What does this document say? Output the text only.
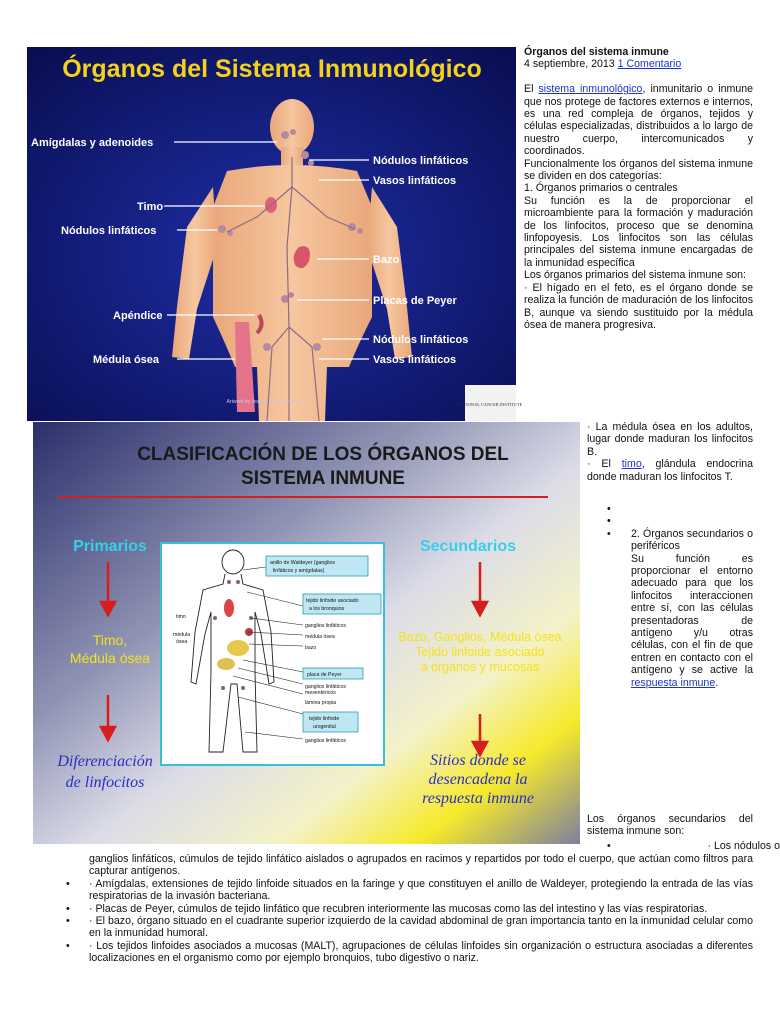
Órganos del Sistema Inmunológico
Amígdalas y adenoides
Timo
Nódulos linfáticos
Apéndice
Médula ósea
Nódulos linfáticos
Vasos linfáticos
Bazo
Placas de Peyer
Nódulos linfáticos
Vasos linfáticos
Artwork by Jeanne Kelly, ©2004	NATIONAL CANCER INSTITUTE
CLASIFICACIÓN DE LOS ÓRGANOS DEL
SISTEMA INMUNE
Primarios
Timo,
Médula ósea
Diferenciación
de linfocitos
anillo de Waldeyer (ganglios
linfáticos y amígdalas)
tejido linfoide asociado
a los bronquios
ganglios linfáticos
médula ósea
bazo
placa de Peyer
ganglios linfáticos
mesentéricos
lámina propia
tejido linfoide
urogenital
ganglios linfáticos
timo
médula
ósea
Secundarios
Bazo, Ganglios, Médula ósea
Tejido linfoide asociado
a órganos y mucosas
Sitios donde se
desencadena la
respuesta inmune

Órganos del sistema inmune

4 septiembre, 2013 1 Comentario

El sistema inmunológico, inmunitario o inmune que nos protege de factores externos e internos, es una red compleja de órganos, tejidos y células especializadas, distribuidos a lo largo de nuestro cuerpo, intercomunicados y coordinados.

Funcionalmente los órganos del sistema inmune se dividen en dos categorías:

1. Órganos primarios o centrales

Su función es la de proporcionar el microambiente para la formación y maduración de los linfocitos, proceso que se denomina linfopoyesis. Los linfocitos son las células principales del sistema inmune encargadas de la inmunidad específica

Los órganos primarios del sistema inmune son:

· El hígado en el feto, es el órgano donde se realiza la función de maduración de los linfocitos B, aunque va siendo sustituido por la médula ósea de manera progresiva.

· La médula ósea en los adultos, lugar donde maduran los linfocitos B.

· El timo, glándula endocrina donde maduran los linfocitos T.

•
•
• 2. Órganos secundarios o periféricos

Su función es proporcionar el entorno adecuado para que los linfocitos interaccionen entre sí, con las células presentadoras de antígeno y/u otras células, con el fin de que entren en contacto con el antígeno y se active la respuesta inmune.

Los órganos secundarios del sistema inmune son:

•	· Los nódulos o

ganglios linfáticos, cúmulos de tejido linfático aislados o agrupados en racimos y repartidos por todo el cuerpo, que actúan como filtros para capturar antígenos.

• · Amígdalas, extensiones de tejido linfoide situados en la faringe y que constituyen el anillo de Waldeyer, protegiendo la entrada de las vías respiratorias de la invasión bacteriana.
• · Placas de Peyer, cúmulos de tejido linfático que recubren interiormente las mucosas como las del intestino y las vías respiratorias.
• · El bazo, órgano situado en el cuadrante superior izquierdo de la cavidad abdominal de gran importancia tanto en la inmunidad celular como en la inmunidad humoral.
• · Los tejidos linfoides asociados a mucosas (MALT), agrupaciones de células linfoides sin organización o estructura asociadas a diferentes localizaciones en el organismo como por ejemplo bronquios, tubo digestivo o nariz.
